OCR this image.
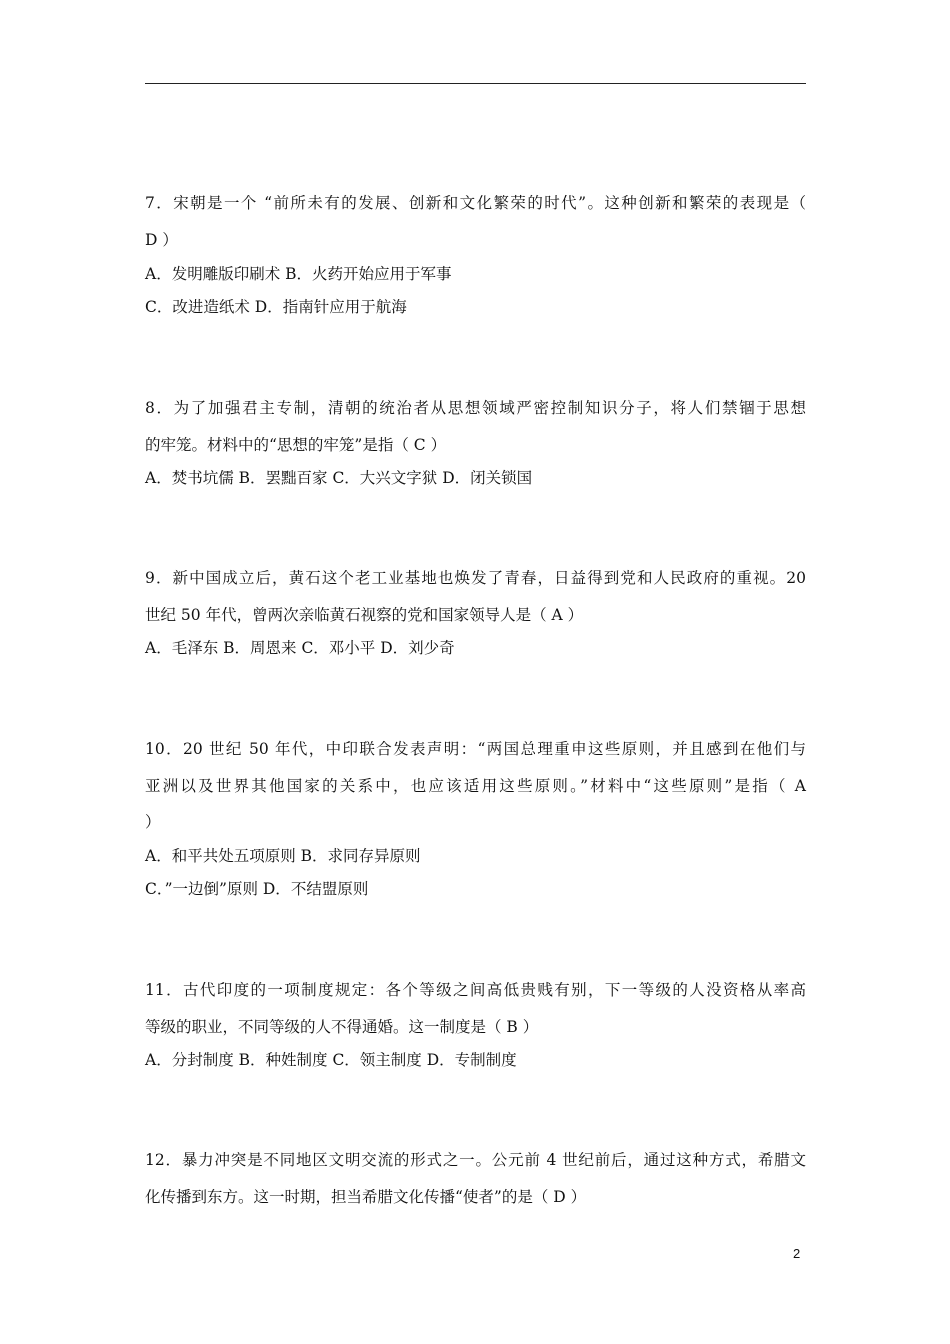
7．宋朝是一个 “前所未有的发展、创新和文化繁荣的时代”。这种创新和繁荣的表现是（
D ）
A．发明雕版印刷术 B．火药开始应用于军事
C．改进造纸术 D．指南针应用于航海
8．为了加强君主专制，清朝的统治者从思想领域严密控制知识分子，将人们禁锢于思想
的牢笼。材料中的“思想的牢笼”是指（ C ）
A．焚书坑儒 B．罢黜百家 C．大兴文字狱 D．闭关锁国
9．新中国成立后，黄石这个老工业基地也焕发了青春，日益得到党和人民政府的重视。20
世纪 50 年代，曾两次亲临黄石视察的党和国家领导人是（ A ）
A．毛泽东 B．周恩来 C．邓小平 D．刘少奇
10．20 世纪 50 年代，中印联合发表声明：“两国总理重申这些原则，并且感到在他们与
亚洲以及世界其他国家的关系中，也应该适用这些原则。”材料中“这些原则”是指（ A
）
A．和平共处五项原则 B．求同存异原则
C．”一边倒”原则 D．不结盟原则
11．古代印度的一项制度规定：各个等级之间高低贵贱有别，下一等级的人没资格从率高
等级的职业，不同等级的人不得通婚。这一制度是（ B ）
A．分封制度 B．种姓制度 C．领主制度 D．专制制度
12．暴力冲突是不同地区文明交流的形式之一。公元前 4 世纪前后，通过这种方式，希腊文
化传播到东方。这一时期，担当希腊文化传播“使者”的是（ D ）
2
